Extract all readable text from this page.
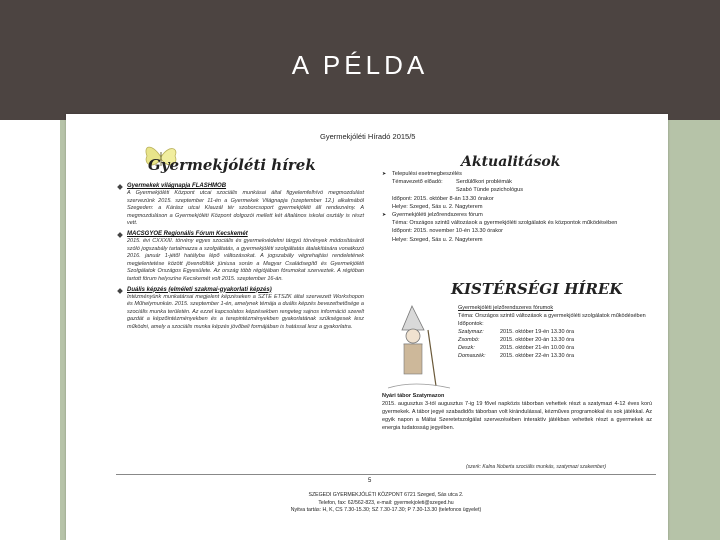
A PÉLDA
Gyermekjóléti Híradó 2015/5
Gyermekjóléti hírek	Aktualitások
Gyermekek világnapja FLASHMOB
A Gyermekjóléti Központ utcai szociális munkásai által figyelemfelhívó megmozdulást szervezünk 2015. szeptember 11-én a Gyermekek Világnapja (szeptember 12.) alkalmából Szegeden: a Kárász utcai Klauzál tér szoborcsoport gyermekjóléti áll rendezvény. A megmozduláson a Gyermekjóléti Központ dolgozói mellett két általános iskolai osztály is részt vett.
MACSGYOE Regionális Fórum Kecskemét
2015. évi CXXXIII. törvény egyes szociális és gyermekvédelmi tárgyú törvények módosításáról szóló jogszabály tartalmazza a szolgáltatás, a gyermekjóléti szolgáltatás átalakítására vonatkozó 2016. január 1-jétől hatályba lépő változásokat. A jogszabály végrehajtási rendeletének megjelentetése között jövendöltük júniusa során a Magyar Családsegítő és Gyermekjóléti Szolgálatok Országos Egyesülete. Az ország több régiójában fórumokat szerveztek. A régióban tartott fórum helyszíne Kecskemét volt 2015. szeptember 16-án.
Duális képzés (elméleti szakmai-gyakorlati képzés)
Intézményünk munkatársai megjelent képzéseken a SZTE ETSZK által szervezett Workshopon és Műhelymunkán. 2015. szeptember 1-én, amelynek témája a duális képzés bevezethetősége a szociális munka területén. Az ezzel kapcsolatos képzésekben rengeteg sajnos információ szerelt gazdát a képzőintézményekben és a terepintézményekben gyakorlatának szükségesek lesz működni, amely a szociális munka képzés jövőbeli formájában is hatással lesz a gyakorlatra.
➤ Telepulési esetmegbeszélés
Témavezető előadó:	Serdülőkori problémák
Szabó Tünde pszichológus
Időpont: 2015. október 8-án 13.30 órakor
Helye: Szeged, Sás u. 2. Nagyterem
➤ Gyermekjóléti jelzőrendszeres fórum
Téma: Országos szintű változások a gyermekjóléti szolgálatok és központok működésében
Időpont: 2015. november 10-én 13.30 órakor
Helye: Szeged, Sás u. 2. Nagyterem
KISTÉRSÉGI HÍREK
Gyermekjóléti jelzőrendszeres fórumok
Téma: Országos szintű változások a gyermekjóléti szolgálatok működésében
Időpontok:
Szatymaz:	2015. október 19-én 13.30 óra
Zsombó:	2015. október 20-án 13.30 óra
Deszk:	2015. október 21-én 10.00 óra
Domaszék:	2015. október 22-én 13.30 óra
Nyári tábor Szatymazon
2015. augusztus 3-tól augusztus 7-ig 19 fővel napközis táborban vehettek részt a szatymazi 4-12 éves korú gyermekek. A tábor jegyé szabadidős táborban volt kirándulással, kézműves programokkal és sok játékkal. Az egyik napon a Máltai Szeretetszolgálat szervezésében interaktív játékban vehettek részt a gyermekek az energia tudatosság jegyében.
(szerk: Kalna Noberta szociális munkás, szatymazi szakember)
5
SZEGEDI GYERMEKJÓLÉTI KÖZPONT 6721 Szeged, Sás utca 2.
Telefon, fax: 62/562-823, e-mail: gyermekjoleti@szeged.hu
Nyitva tartás: H, K, CS 7.30-15.30; SZ 7.30-17.30; P 7.30-13.30 (telefonos ügyelet)
